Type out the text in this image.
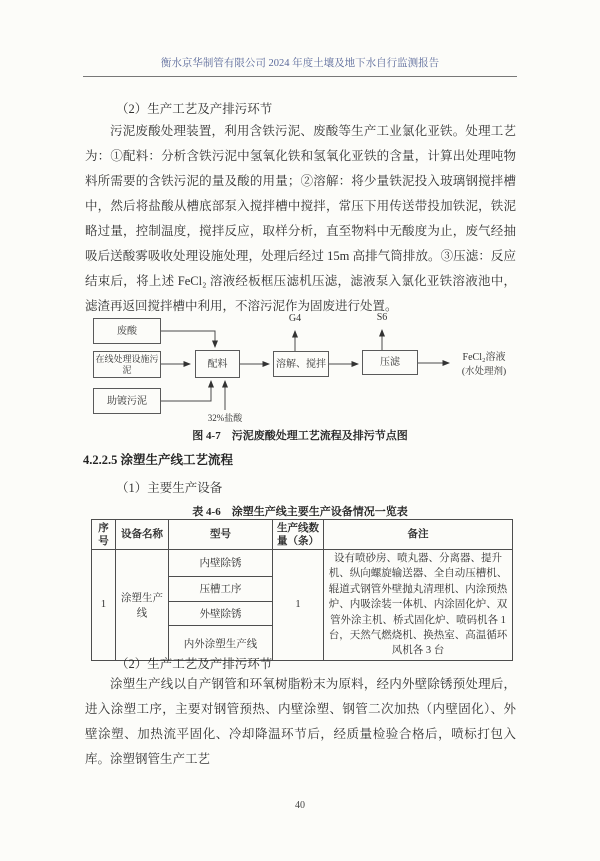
衡水京华制管有限公司 2024 年度土壤及地下水自行监测报告
（2）生产工艺及产排污环节
污泥废酸处理装置，利用含铁污泥、废酸等生产工业氯化亚铁。处理工艺为：①配料：分析含铁污泥中氢氧化铁和氢氧化亚铁的含量，计算出处理吨物料所需要的含铁污泥的量及酸的用量；②溶解：将少量铁泥投入玻璃钢搅拌槽中，然后将盐酸从槽底部泵入搅拌槽中搅拌，常压下用传送带投加铁泥，铁泥略过量，控制温度，搅拌反应，取样分析，直至物料中无酸度为止，废气经抽吸后送酸雾吸收处理设施处理，处理后经过 15m 高排气筒排放。③压滤：反应结束后，将上述 FeCl₂ 溶液经板框压滤机压滤，滤液泵入氯化亚铁溶液池中，滤渣再返回搅拌槽中利用，不溶污泥作为固废进行处置。
废酸
在线处理设施污泥
助镀污泥
配料	溶解、搅拌	压滤
G4	S6
32%盐酸
FeCl₂溶液
(水处理剂)
图 4-7　污泥废酸处理工艺流程及排污节点图
4.2.2.5 涂塑生产线工艺流程
（1）主要生产设备
表 4-6　涂塑生产线主要生产设备情况一览表
序号	设备名称	型号	生产线数量（条）	备注
1	涂塑生产线	内壁除锈	1	设有喷砂房、喷丸器、分离器、提升机、纵向螺旋输送器、全自动压槽机、辊道式钢管外壁抛丸清理机、内涂预热炉、内吸涂装一体机、内涂固化炉、双管外涂主机、桥式固化炉、喷码机各 1 台，天然气燃烧机、换热室、高温循环风机各 3 台
		压槽工序		
		外壁除锈		
		内外涂塑生产线		
（2）生产工艺及产排污环节
涂塑生产线以自产钢管和环氧树脂粉末为原料，经内外壁除锈预处理后，进入涂塑工序，主要对钢管预热、内壁涂塑、钢管二次加热（内壁固化）、外壁涂塑、加热流平固化、冷却降温环节后，经质量检验合格后，喷标打包入库。涂塑钢管生产工艺
40
